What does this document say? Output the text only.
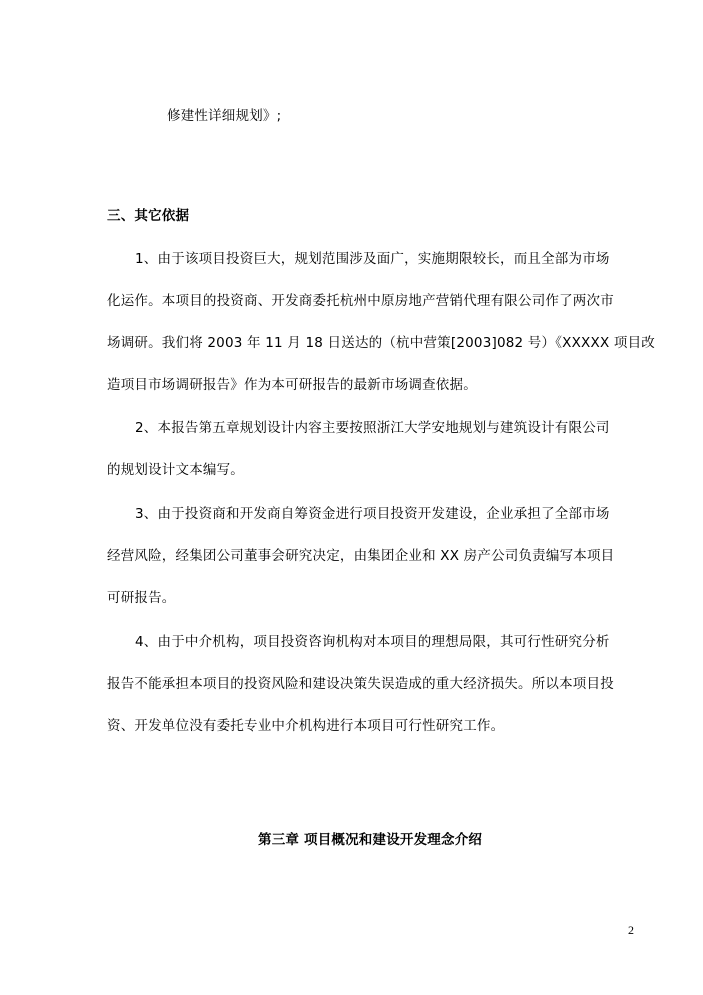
修建性详细规划》;
三、其它依据
1、由于该项目投资巨大，规划范围涉及面广，实施期限较长，而且全部为市场
化运作。本项目的投资商、开发商委托杭州中原房地产营销代理有限公司作了两次市
场调研。我们将 2003 年 11 月 18 日送达的（杭中营策[2003]082 号）《XXXXX 项目改
造项目市场调研报告》作为本可研报告的最新市场调查依据。
2、本报告第五章规划设计内容主要按照浙江大学安地规划与建筑设计有限公司
的规划设计文本编写。
3、由于投资商和开发商自筹资金进行项目投资开发建设，企业承担了全部市场
经营风险，经集团公司董事会研究决定，由集团企业和 XX 房产公司负责编写本项目
可研报告。
4、由于中介机构，项目投资咨询机构对本项目的理想局限，其可行性研究分析
报告不能承担本项目的投资风险和建设决策失误造成的重大经济损失。所以本项目投
资、开发单位没有委托专业中介机构进行本项目可行性研究工作。
第三章 项目概况和建设开发理念介绍
2
